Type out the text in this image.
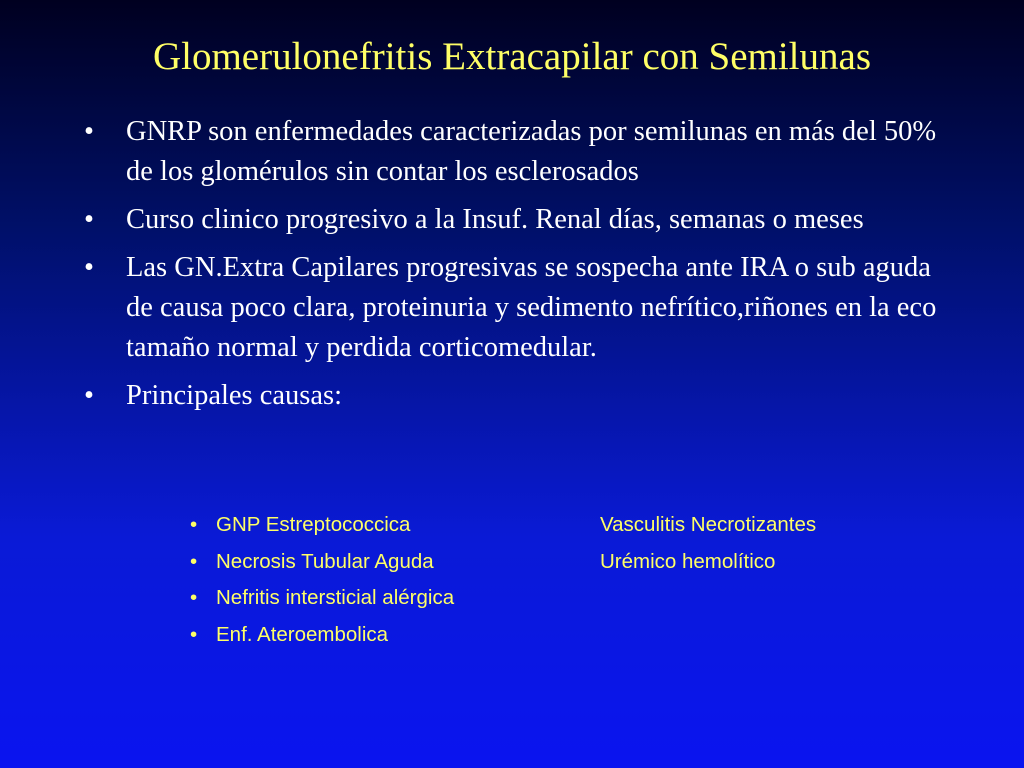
Glomerulonefritis Extracapilar con Semilunas
• GNRP son enfermedades caracterizadas por semilunas en más del 50% de los glomérulos sin contar los esclerosados
• Curso clinico progresivo a la Insuf. Renal días, semanas o meses
• Las GN.Extra Capilares progresivas se sospecha ante IRA o sub aguda de causa poco clara, proteinuria y sedimento nefrítico,riñones en la eco tamaño normal y perdida corticomedular.
• Principales causas:
• GNP Estreptococcica	Vasculitis Necrotizantes
• Necrosis Tubular Aguda	Urémico hemolítico
• Nefritis intersticial alérgica
• Enf. Ateroembolica
